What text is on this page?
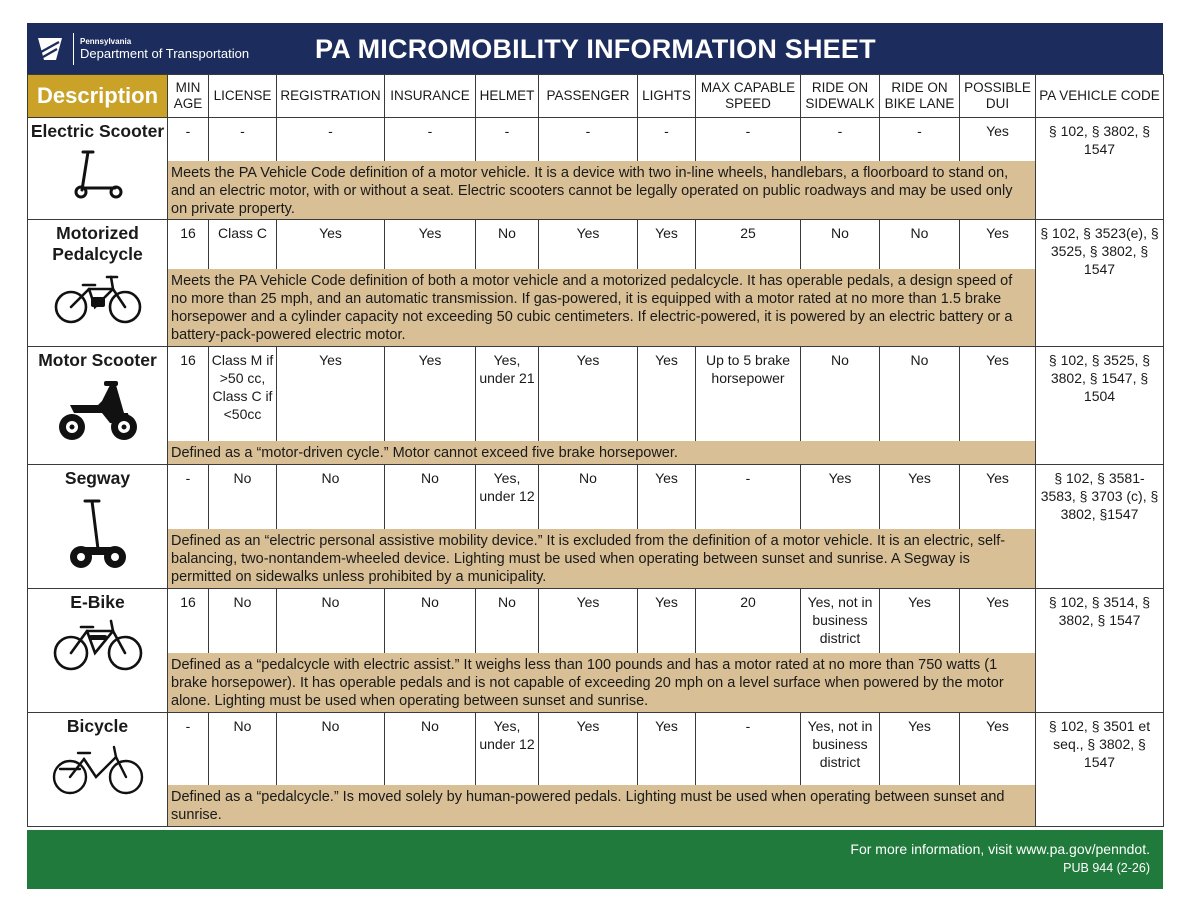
Pennsylvania
Department of Transportation PA MICROMOBILITY INFORMATION SHEET
Description	MIN AGE	LICENSE	REGISTRATION	INSURANCE	HELMET	PASSENGER	LIGHTS	MAX CAPABLE SPEED	RIDE ON SIDEWALK	RIDE ON BIKE LANE	POSSIBLE DUI	PA VEHICLE CODE

Electric Scooter	-	-	-	-	-	-	-	-	-	-	Yes	§ 102, § 3802, § 1547
	Meets the PA Vehicle Code definition of a motor vehicle. It is a device with two in-line wheels, handlebars, a floorboard to stand on, and an electric motor, with or without a seat. Electric scooters cannot be legally operated on public roadways and may be used only on private property.											

Motorized Pedalcycle	16	Class C	Yes	Yes	No	Yes	Yes	25	No	No	Yes	§ 102, § 3523(e), § 3525, § 3802, § 1547
	Meets the PA Vehicle Code definition of both a motor vehicle and a motorized pedalcycle. It has operable pedals, a design speed of no more than 25 mph, and an automatic transmission. If gas-powered, it is equipped with a motor rated at no more than 1.5 brake horsepower and a cylinder capacity not exceeding 50 cubic centimeters. If electric-powered, it is powered by an electric battery or a battery-pack-powered electric motor.											

Motor Scooter	16	Class M if >50 cc, Class C if <50cc	Yes	Yes	Yes, under 21	Yes	Yes	Up to 5 brake horsepower	No	No	Yes	§ 102, § 3525, § 3802, § 1547, § 1504
	Defined as a “motor-driven cycle.” Motor cannot exceed five brake horsepower.											

Segway	-	No	No	No	Yes, under 12	No	Yes	-	Yes	Yes	Yes	§ 102, § 3581-3583, § 3703 (c), § 3802, §1547
	Defined as an “electric personal assistive mobility device.” It is excluded from the definition of a motor vehicle. It is an electric, self-balancing, two-nontandem-wheeled device. Lighting must be used when operating between sunset and sunrise. A Segway is permitted on sidewalks unless prohibited by a municipality.											

E-Bike	16	No	No	No	No	Yes	Yes	20	Yes, not in business district	Yes	Yes	§ 102, § 3514, § 3802, § 1547
	Defined as a “pedalcycle with electric assist.” It weighs less than 100 pounds and has a motor rated at no more than 750 watts (1 brake horsepower). It has operable pedals and is not capable of exceeding 20 mph on a level surface when powered by the motor alone. Lighting must be used when operating between sunset and sunrise.											

Bicycle	-	No	No	No	Yes, under 12	Yes	Yes	-	Yes, not in business district	Yes	Yes	§ 102, § 3501 et seq., § 3802, § 1547
	Defined as a “pedalcycle.” Is moved solely by human-powered pedals. Lighting must be used when operating between sunset and sunrise.											
For more information, visit www.pa.gov/penndot.
PUB 944 (2-26)
